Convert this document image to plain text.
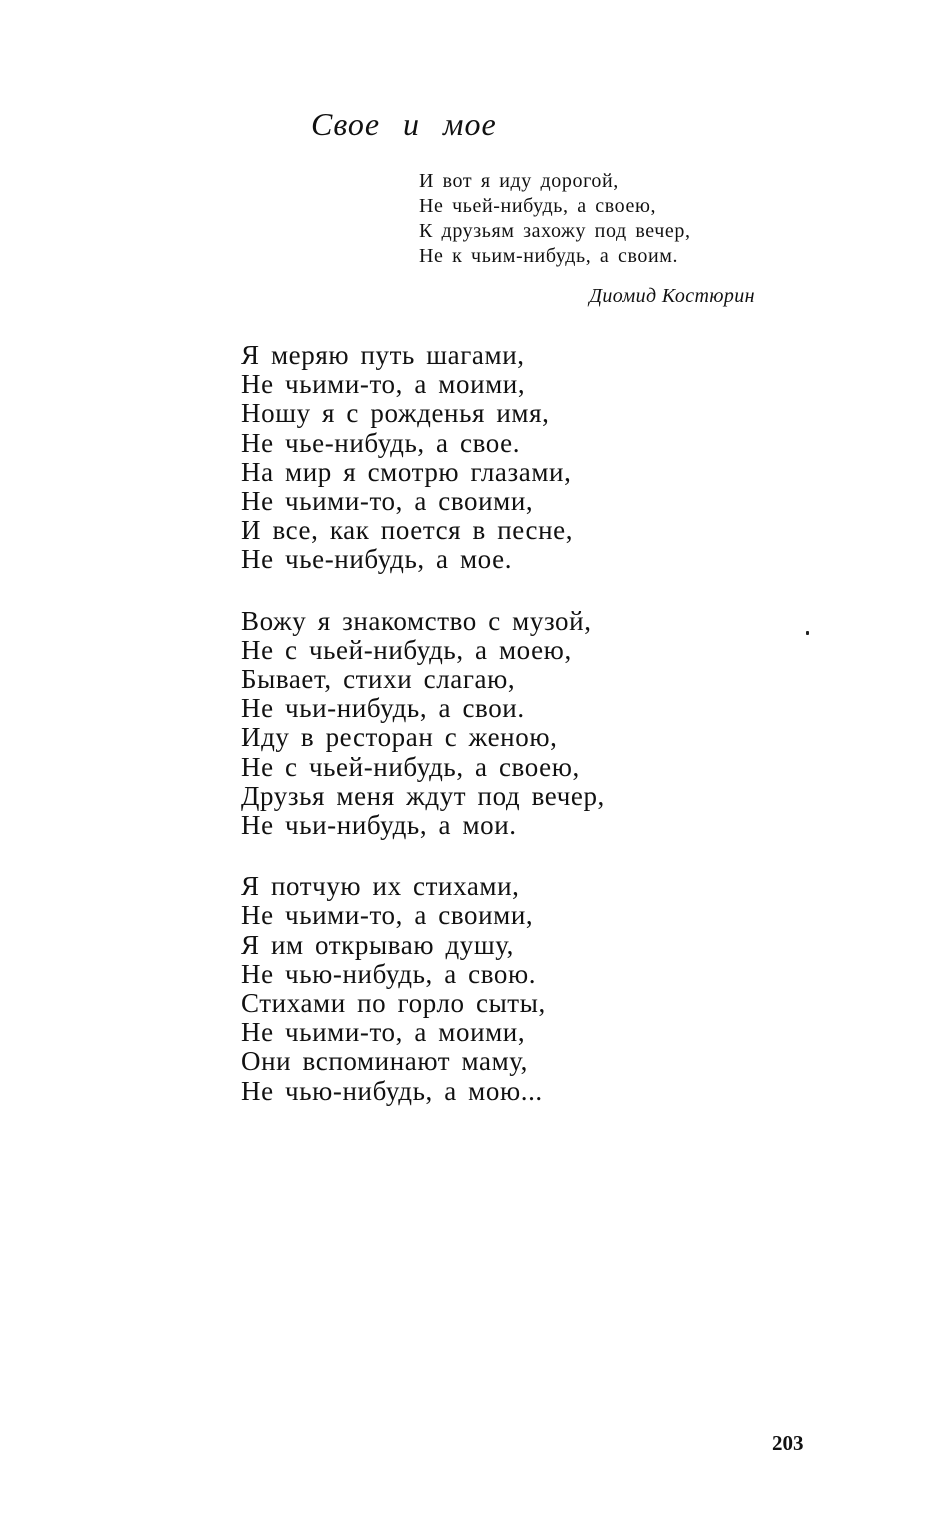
Свое и мое
И вот я иду дорогой,
Не чьей-нибудь, а своею,
К друзьям захожу под вечер,
Не к чьим-нибудь, а своим.
Диомид Костюрин
Я меряю путь шагами,
Не чьими-то, а моими,
Ношу я с рожденья имя,
Не чье-нибудь, а свое.
На мир я смотрю глазами,
Не чьими-то, а своими,
И все, как поется в песне,
Не чье-нибудь, а мое.
Вожу я знакомство с музой,
Не с чьей-нибудь, а моею,
Бывает, стихи слагаю,
Не чьи-нибудь, а свои.
Иду в ресторан с женою,
Не с чьей-нибудь, а своею,
Друзья меня ждут под вечер,
Не чьи-нибудь, а мои.
Я потчую их стихами,
Не чьими-то, а своими,
Я им открываю душу,
Не чью-нибудь, а свою.
Стихами по горло сыты,
Не чьими-то, а моими,
Они вспоминают маму,
Не чью-нибудь, а мою...
203
